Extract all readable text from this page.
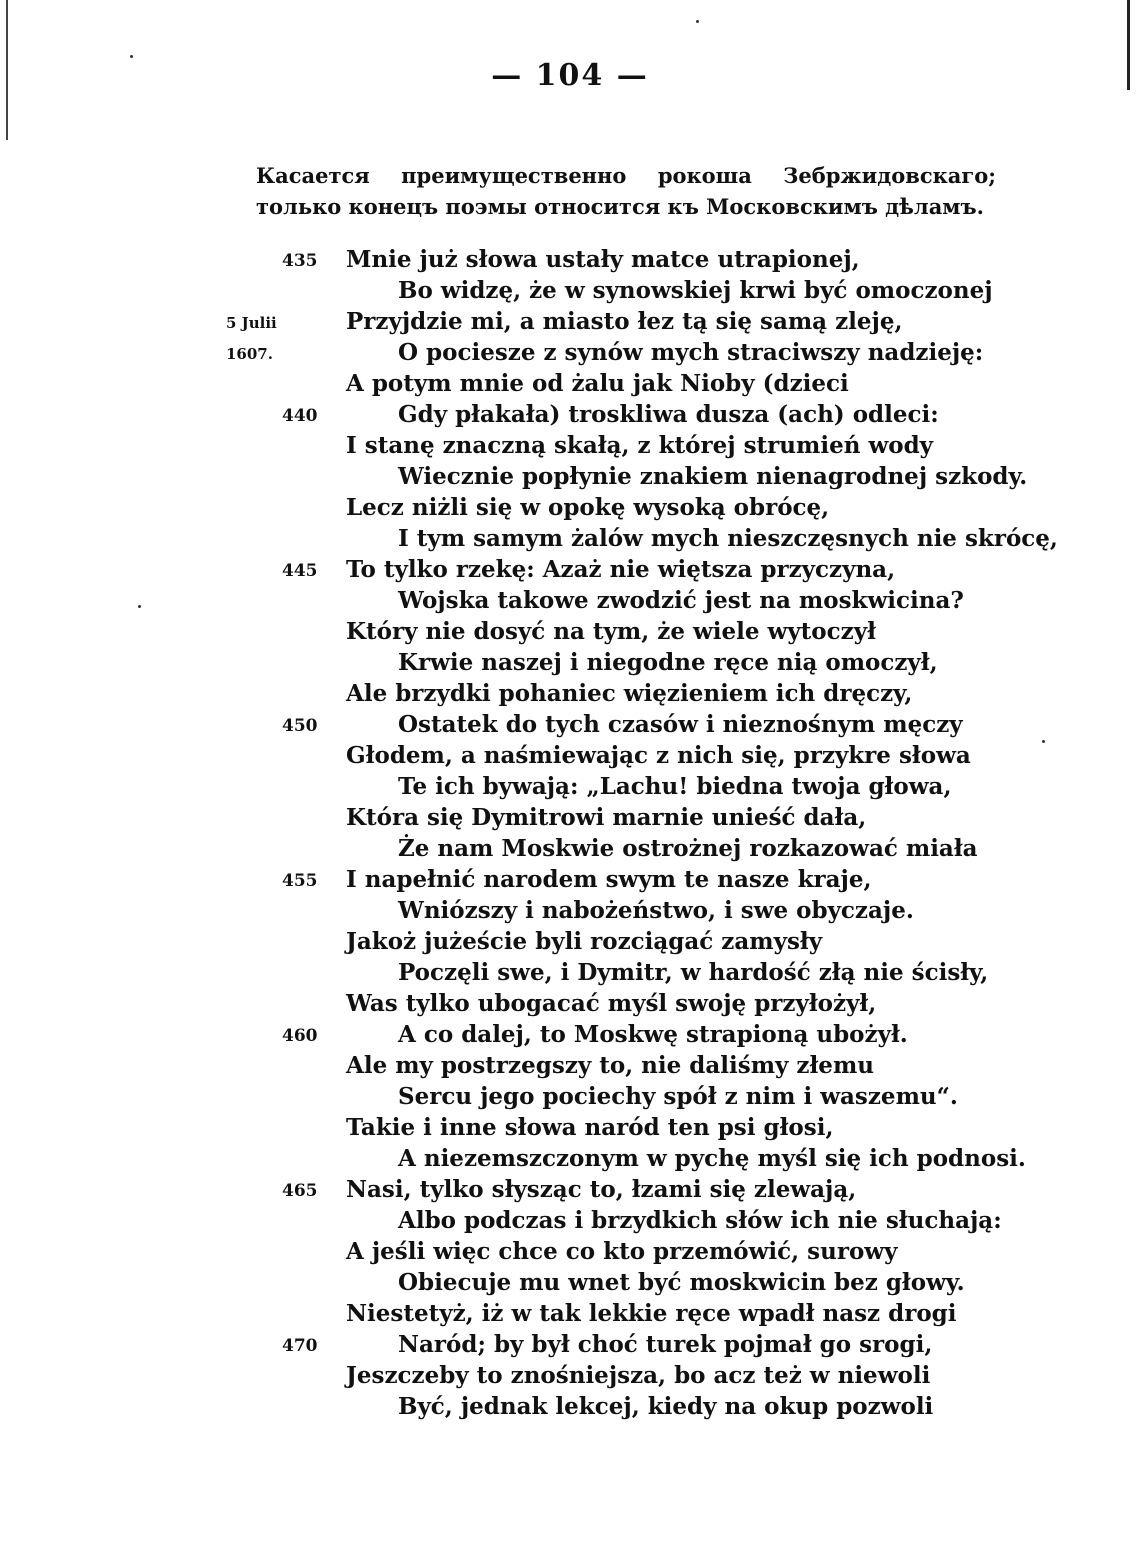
— 104 —
Касается преимущественно рокоша Зебржидовскаго; только конецъ поэмы относится къ Московскимъ дѣламъ.
435 Mnie już słowa ustały matce utrapionej,
Bo widzę, że w synowskiej krwi być omoczonej
5 Julii	Przyjdzie mi, a miasto łez tą się samą zleję,
1607.	O pociesze z synów mych straciwszy nadzieję:
A potym mnie od żalu jak Nioby (dzieci
440	Gdy płakała) troskliwa dusza (ach) odleci:
I stanę znaczną skałą, z której strumień wody
Wiecznie popłynie znakiem nienagrodnej szkody.
Lecz niżli się w opokę wysoką obrócę,
I tym samym żalów mych nieszczęsnych nie skrócę,
445 To tylko rzekę: Azaż nie więtsza przyczyna,
Wojska takowe zwodzić jest na moskwicina?
Który nie dosyć na tym, że wiele wytoczył
Krwie naszej i niegodne ręce nią omoczył,
Ale brzydki pohaniec więzieniem ich dręczy,
450	Ostatek do tych czasów i nieznośnym męczy
Głodem, a naśmiewając z nich się, przykre słowa
Te ich bywają: „Lachu! biedna twoja głowa,
Która się Dymitrowi marnie unieść dała,
Że nam Moskwie ostrożnej rozkazować miała
455 I napełnić narodem swym te nasze kraje,
Wniózszy i nabożeństwo, i swe obyczaje.
Jakoż jużeście byli rozciągać zamysły
Poczęli swe, i Dymitr, w hardość złą nie ścisły,
Was tylko ubogacać myśl swoję przyłożył,
460	A co dalej, to Moskwę strapioną ubożył.
Ale my postrzegszy to, nie daliśmy złemu
Sercu jego pociechy spół z nim i waszemu“.
Takie i inne słowa naród ten psi głosi,
A niezemszczonym w pychę myśl się ich podnosi.
465 Nasi, tylko słysząc to, łzami się zlewają,
Albo podczas i brzydkich słów ich nie słuchają:
A jeśli więc chce co kto przemówić, surowy
Obiecuje mu wnet być moskwicin bez głowy.
Niestetyż, iż w tak lekkie ręce wpadł nasz drogi
470	Naród; by był choć turek pojmał go srogi,
Jeszczeby to znośniejsza, bo acz też w niewoli
Być, jednak lekcej, kiedy na okup pozwoli
